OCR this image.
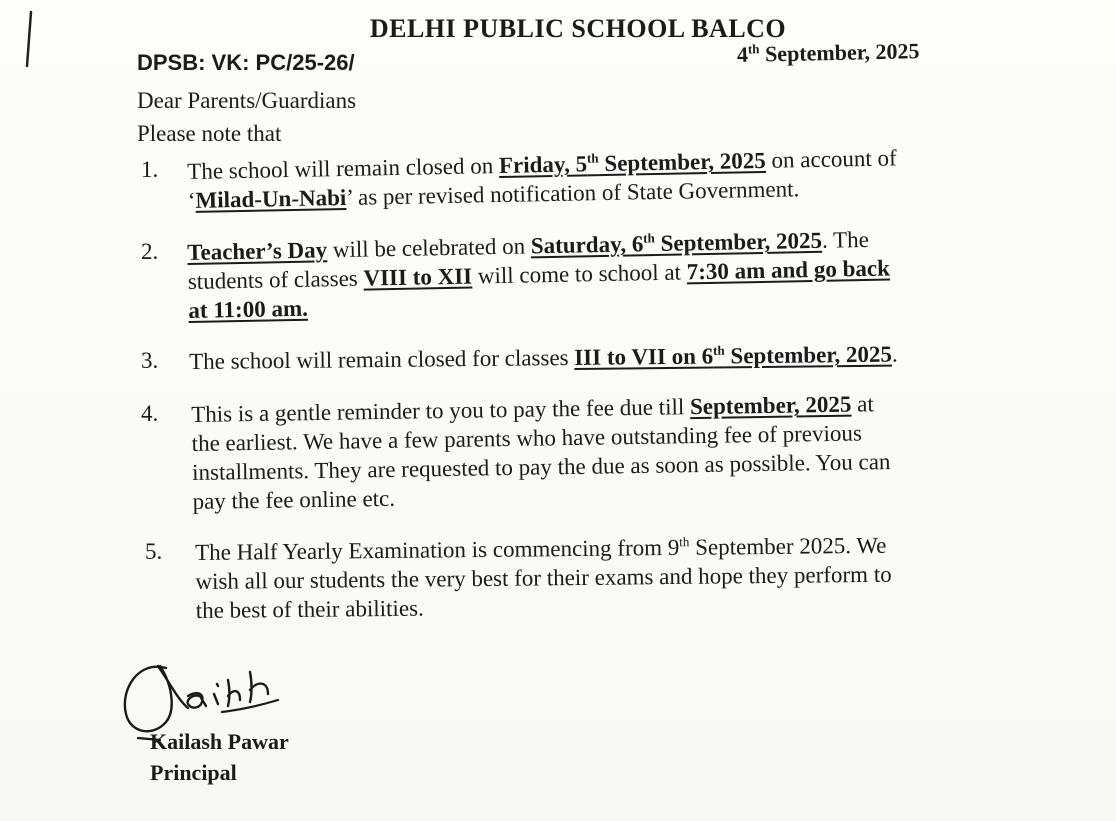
DELHI PUBLIC SCHOOL BALCO
DPSB: VK: PC/25-26/	4th September, 2025
Dear Parents/Guardians
Please note that
1. The school will remain closed on Friday, 5th September, 2025 on account of
‘Milad-Un-Nabi’ as per revised notification of State Government.
2. Teacher’s Day will be celebrated on Saturday, 6th September, 2025. The
students of classes VIII to XII will come to school at 7:30 am and go back
at 11:00 am.
3. The school will remain closed for classes III to VII on 6th September, 2025.
4. This is a gentle reminder to you to pay the fee due till September, 2025 at
the earliest. We have a few parents who have outstanding fee of previous
installments. They are requested to pay the due as soon as possible. You can
pay the fee online etc.
5. The Half Yearly Examination is commencing from 9th September 2025. We
wish all our students the very best for their exams and hope they perform to
the best of their abilities.
Kailash Pawar
Principal
